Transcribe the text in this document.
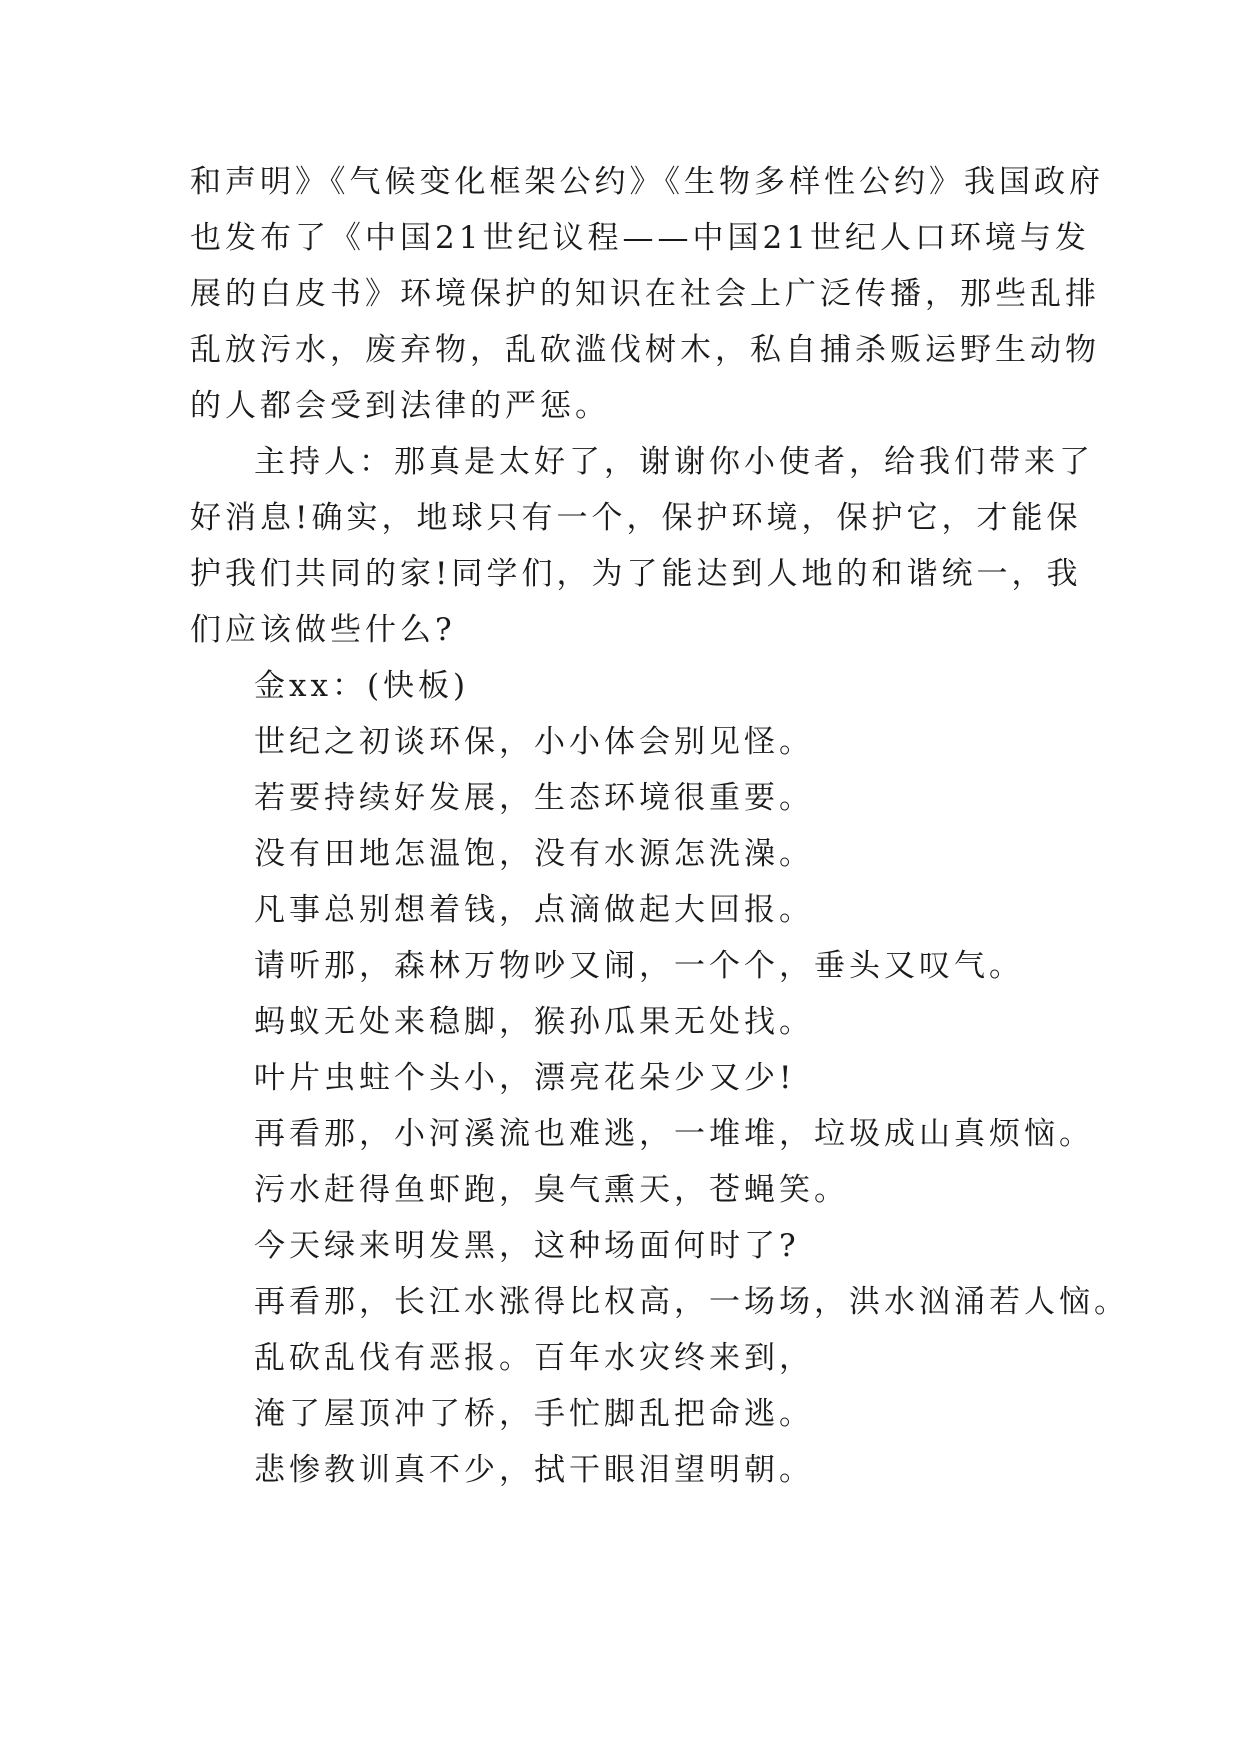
和声明》《气候变化框架公约》《生物多样性公约》我国政府
也发布了《中国21世纪议程——中国21世纪人口环境与发
展的白皮书》环境保护的知识在社会上广泛传播，那些乱排
乱放污水，废弃物，乱砍滥伐树木，私自捕杀贩运野生动物
的人都会受到法律的严惩。
主持人：那真是太好了，谢谢你小使者，给我们带来了
好消息!确实，地球只有一个，保护环境，保护它，才能保
护我们共同的家!同学们，为了能达到人地的和谐统一，我
们应该做些什么?
金xx：(快板)
世纪之初谈环保，小小体会别见怪。
若要持续好发展，生态环境很重要。
没有田地怎温饱，没有水源怎洗澡。
凡事总别想着钱，点滴做起大回报。
请听那，森林万物吵又闹，一个个，垂头又叹气。
蚂蚁无处来稳脚，猴孙瓜果无处找。
叶片虫蛀个头小，漂亮花朵少又少!
再看那，小河溪流也难逃，一堆堆，垃圾成山真烦恼。
污水赶得鱼虾跑，臭气熏天，苍蝇笑。
今天绿来明发黑，这种场面何时了?
再看那，长江水涨得比权高，一场场，洪水汹涌若人恼。
乱砍乱伐有恶报。百年水灾终来到，
淹了屋顶冲了桥，手忙脚乱把命逃。
悲惨教训真不少，拭干眼泪望明朝。
